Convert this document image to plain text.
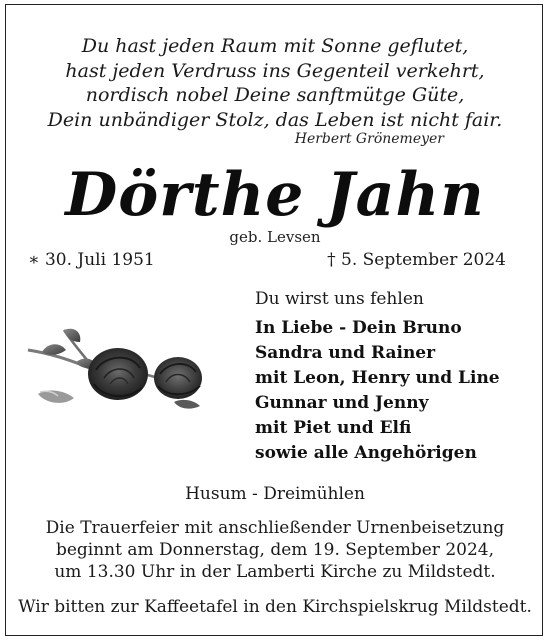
Du hast jeden Raum mit Sonne geflutet,
hast jeden Verdruss ins Gegenteil verkehrt,
nordisch nobel Deine sanftmütge Güte,
Dein unbändiger Stolz, das Leben ist nicht fair.
Herbert Grönemeyer
Dörthe Jahn
geb. Levsen
∗ 30. Juli 1951	† 5. September 2024
Du wirst uns fehlen
In Liebe - Dein Bruno
Sandra und Rainer
mit Leon, Henry und Line
Gunnar und Jenny
mit Piet und Elfi
sowie alle Angehörigen
Husum - Dreimühlen
Die Trauerfeier mit anschließender Urnenbeisetzung
beginnt am Donnerstag, dem 19. September 2024,
um 13.30 Uhr in der Lamberti Kirche zu Mildstedt.
Wir bitten zur Kaffeetafel in den Kirchspielskrug Mildstedt.
